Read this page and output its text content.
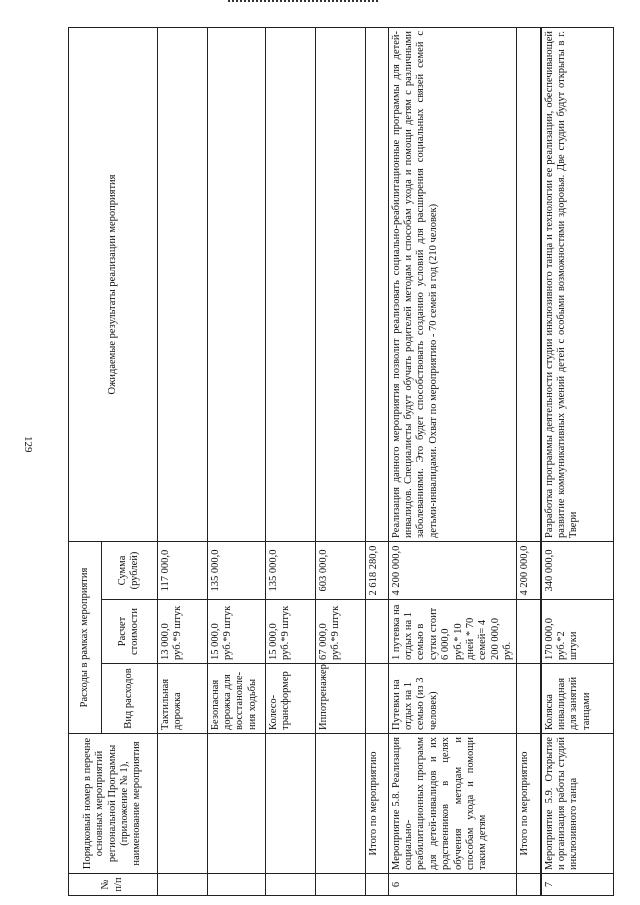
129
№ п/п	Порядковый номер в перечне основных мероприятий региональной Программы (приложение № 1), наименование мероприятия	Расходы в рамках мероприятия			Ожидаемые результаты реализации мероприятия
		Вид расходов	Расчет стоимости	Сумма (рублей)	
		Тактильная дорожка	13 000,0 руб.*9 штук	117 000,0	
		Безопасная дорожка для восстановле-ния ходьбы	15 000,0 руб.*9 штук	135 000,0	
		Колесо-трансформер	15 000,0 руб.*9 штук	135 000,0	
		Иппотренажер	67 000,0 руб.*9 штук	603 000,0	
	Итого по мероприятию			2 618 280,0	
6	Мероприятие 5.8. Реализация социально-реабилитационных программ для детей-инвалидов и их родственников в целях обучения методам и способам ухода и помощи таким детям	Путевки на отдых на 1 семью (из 3 человек)	1 путевка на отдых на 1 семью в сутки стоит 6 000,0 руб.* 10 дней * 70 семей= 4 200 000,0 руб.	4 200 000,0	Реализация данного мероприятия позволит реализовать социально-реабилитационные программы для детей-инвалидов. Специалисты будут обучать родителей методам и способам ухода и помощи детям с различными заболеваниями. Это будет способствовать созданию условий для расширения социальных связей семей с детьми-инвалидами. Охват по мероприятию - 70 семей в год (210 человек)
	Итого по мероприятию			4 200 000,0	
7	Мероприятие 5.9. Открытие и организация работы студий инклюзивного танца	Коляска инвалидная для занятий танцами	170 000,0 руб.*2 штуки	340 000,0	Разработка программы деятельности студии инклюзивного танца и технологии ее реализации, обеспечивающей развитие коммуникативных умений детей с особыми возможностями здоровья. Две студии будут открыты в г. Твери
